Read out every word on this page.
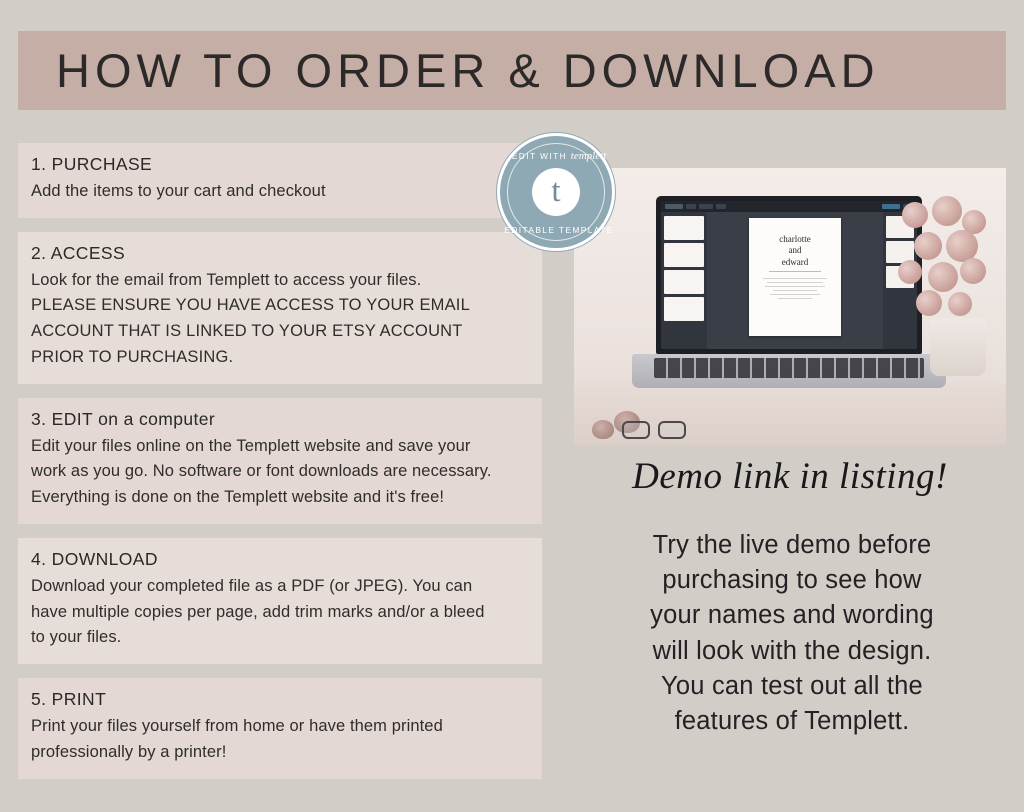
HOW TO ORDER & DOWNLOAD
1. PURCHASE
Add the items to your cart and checkout
2. ACCESS
Look for the email from Templett to access your files.
PLEASE ENSURE YOU HAVE ACCESS TO YOUR EMAIL
ACCOUNT THAT IS LINKED TO YOUR ETSY ACCOUNT
PRIOR TO PURCHASING.
3. EDIT on a computer
Edit your files online on the Templett website and save your
work as you go. No software or font downloads are necessary.
Everything is done on the Templett website and it's free!
4. DOWNLOAD
Download your completed file as a PDF (or JPEG). You can
have multiple copies per page, add trim marks and/or a bleed
to your files.
5. PRINT
Print your files yourself from home or have them printed
professionally by a printer!
EDIT WITH templett
t
EDITABLE TEMPLATE
charlotte
and
edward
Demo link in listing!
Try the live demo before
purchasing to see how
your names and wording
will look with the design.
You can test out all the
features of Templett.
